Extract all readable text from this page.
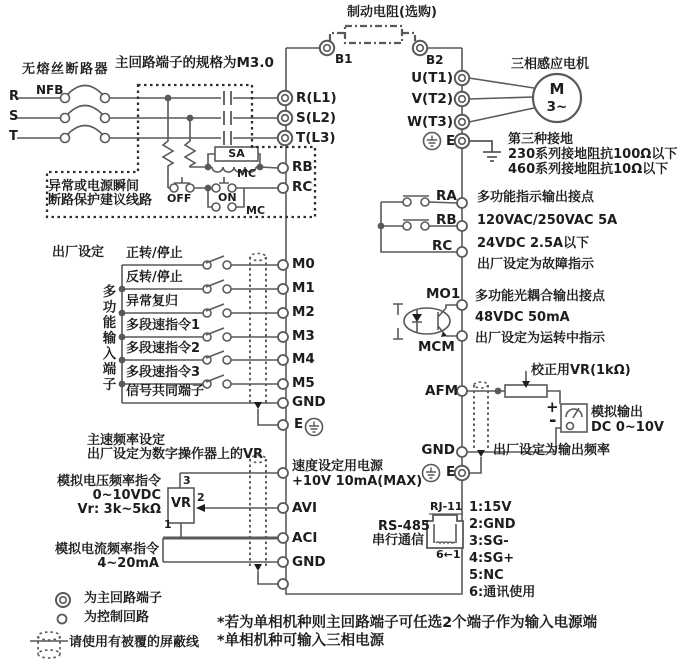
制动电阻(选购)
B1	B2
主回路端子的规格为M3.0
无熔丝断路器
NFB
R
S
T
R(L1)
S(L2)
T(L3)
三相感应电机
U(T1)
V(T2)
W(T3)
E
M
3~
第三种接地
230系列接地阻抗100Ω以下
460系列接地阻抗10Ω以下
异常或电源瞬间
断路保护建议线路
SA
MC
OFF ON
MC
RB
RC
出厂设定 正转/停止
反转/停止
异常复归
多段速指令1
多段速指令2
多段速指令3
信号共同端子
M0
M1
M2
M3
M4
M5
GND
E
多功能输入端子
主速频率设定
出厂设定为数字操作器上的VR
模拟电压频率指令
0~10VDC
Vr: 3k~5kΩ VR
3
2
1
模拟电流频率指令
4~20mA
速度设定用电源
+10V 10mA(MAX)
AVI
ACI
GND
RA
RB
RC
多功能指示输出接点
120VAC/250VAC 5A
24VDC 2.5A以下
出厂设定为故障指示
MO1
MCM
多功能光耦合输出接点
48VDC 50mA
出厂设定为运转中指示
AFM
校正用VR(1kΩ)
+
-	模拟输出
DC 0~10V
GND	出厂设定为输出频率
E
RS-485
串行通信
RJ-11
6←1
1:15V
2:GND
3:SG-
4:SG+
5:NC
6:通讯使用
为主回路端子
为控制回路
请使用有被覆的屏蔽线
*若为单相机种则主回路端子可任选2个端子作为输入电源端
*单相机种可输入三相电源
